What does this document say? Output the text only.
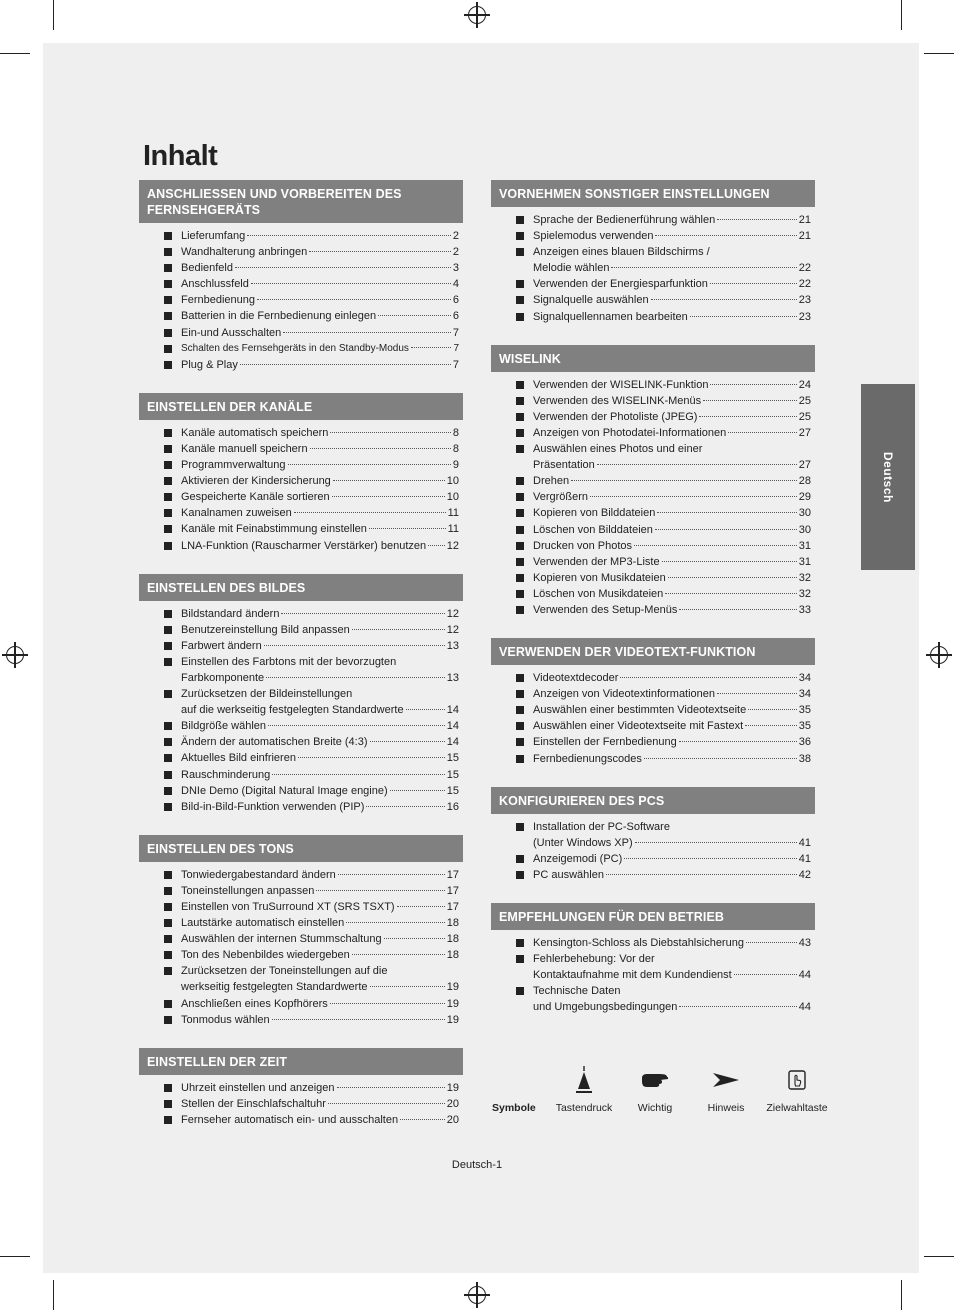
Inhalt
ANSCHLIESSEN UND VORBEREITEN DES FERNSEHGERÄTS
Lieferumfang	2
Wandhalterung anbringen	2
Bedienfeld	3
Anschlussfeld	4
Fernbedienung	6
Batterien in die Fernbedienung einlegen	6
Ein-und Ausschalten	7
Schalten des Fernsehgeräts in den Standby-Modus	7
Plug & Play	7
EINSTELLEN DER KANÄLE
Kanäle automatisch speichern	8
Kanäle manuell speichern	8
Programmverwaltung	9
Aktivieren der Kindersicherung	10
Gespeicherte Kanäle sortieren	10
Kanalnamen zuweisen	11
Kanäle mit Feinabstimmung einstellen	11
LNA-Funktion (Rauscharmer Verstärker) benutzen 12
EINSTELLEN DES BILDES
Bildstandard ändern	12
Benutzereinstellung Bild anpassen	12
Farbwert ändern	13
Einstellen des Farbtons mit der bevorzugten
Farbkomponente	13
Zurücksetzen der Bildeinstellungen
auf die werkseitig festgelegten Standardwerte	14
Bildgröße wählen	14
Ändern der automatischen Breite (4:3)	14
Aktuelles Bild einfrieren	15
Rauschminderung	15
DNIe Demo (Digital Natural Image engine)	15
Bild-in-Bild-Funktion verwenden (PIP)	16
EINSTELLEN DES TONS
Tonwiedergabestandard ändern	17
Toneinstellungen anpassen	17
Einstellen von TruSurround XT (SRS TSXT)	17
Lautstärke automatisch einstellen	18
Auswählen der internen Stummschaltung	18
Ton des Nebenbildes wiedergeben	18
Zurücksetzen der Toneinstellungen auf die
werkseitig festgelegten Standardwerte	19
Anschließen eines Kopfhörers	19
Tonmodus wählen	19
EINSTELLEN DER ZEIT
Uhrzeit einstellen und anzeigen	19
Stellen der Einschlafschaltuhr	20
Fernseher automatisch ein- und ausschalten	20
VORNEHMEN SONSTIGER EINSTELLUNGEN
Sprache der Bedienerführung wählen	21
Spielemodus verwenden	21
Anzeigen eines blauen Bildschirms /
Melodie wählen	22
Verwenden der Energiesparfunktion	22
Signalquelle auswählen	23
Signalquellennamen bearbeiten	23
WISELINK
Verwenden der WISELINK-Funktion	24
Verwenden des WISELINK-Menüs	25
Verwenden der Photoliste (JPEG)	25
Anzeigen von Photodatei-Informationen	27
Auswählen eines Photos und einer
Präsentation	27
Drehen	28
Vergrößern	29
Kopieren von Bilddateien	30
Löschen von Bilddateien	30
Drucken von Photos	31
Verwenden der MP3-Liste	31
Kopieren von Musikdateien	32
Löschen von Musikdateien	32
Verwenden des Setup-Menüs	33
VERWENDEN DER VIDEOTEXT-FUNKTION
Videotextdecoder	34
Anzeigen von Videotextinformationen	34
Auswählen einer bestimmten Videotextseite	35
Auswählen einer Videotextseite mit Fastext	35
Einstellen der Fernbedienung	36
Fernbedienungscodes	38
KONFIGURIEREN DES PCS
Installation der PC-Software
(Unter Windows XP)	41
Anzeigemodi (PC)	41
PC auswählen	42
EMPFEHLUNGEN FÜR DEN BETRIEB
Kensington-Schloss als Diebstahlsicherung	43
Fehlerbehebung: Vor der
Kontaktaufnahme mit dem Kundendienst	44
Technische Daten
und Umgebungsbedingungen	44
Deutsch
Symbole	Tastendruck	Wichtig	Hinweis	Zielwahltaste
Deutsch-1
